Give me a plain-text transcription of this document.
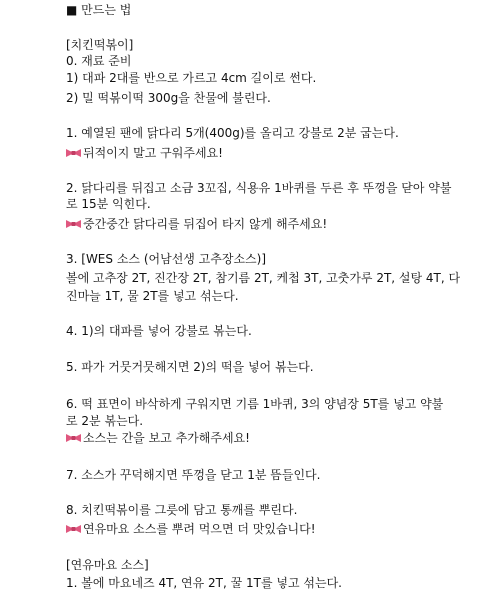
■ 만드는 법
[치킨떡볶이]
0. 재료 준비
1) 대파 2대를 반으로 가르고 4cm 길이로 썬다.
2) 밀 떡볶이떡 300g을 찬물에 불린다.
1. 예열된 팬에 닭다리 5개(400g)를 올리고 강불로 2분 굽는다.
뒤적이지 말고 구워주세요!
2. 닭다리를 뒤집고 소금 3꼬집, 식용유 1바퀴를 두른 후 뚜껑을 닫아 약불
로 15분 익힌다.
중간중간 닭다리를 뒤집어 타지 않게 해주세요!
3. [WES 소스 (어남선생 고추장소스)]
볼에 고추장 2T, 진간장 2T, 참기름 2T, 케첩 3T, 고춧가루 2T, 설탕 4T, 다
진마늘 1T, 물 2T를 넣고 섞는다.
4. 1)의 대파를 넣어 강불로 볶는다.
5. 파가 거뭇거뭇해지면 2)의 떡을 넣어 볶는다.
6. 떡 표면이 바삭하게 구워지면 기름 1바퀴, 3의 양념장 5T를 넣고 약불
로 2분 볶는다.
소스는 간을 보고 추가해주세요!
7. 소스가 꾸덕해지면 뚜껑을 닫고 1분 뜸들인다.
8. 치킨떡볶이를 그릇에 담고 통깨를 뿌린다.
연유마요 소스를 뿌려 먹으면 더 맛있습니다!
[연유마요 소스]
1. 볼에 마요네즈 4T, 연유 2T, 꿀 1T를 넣고 섞는다.
